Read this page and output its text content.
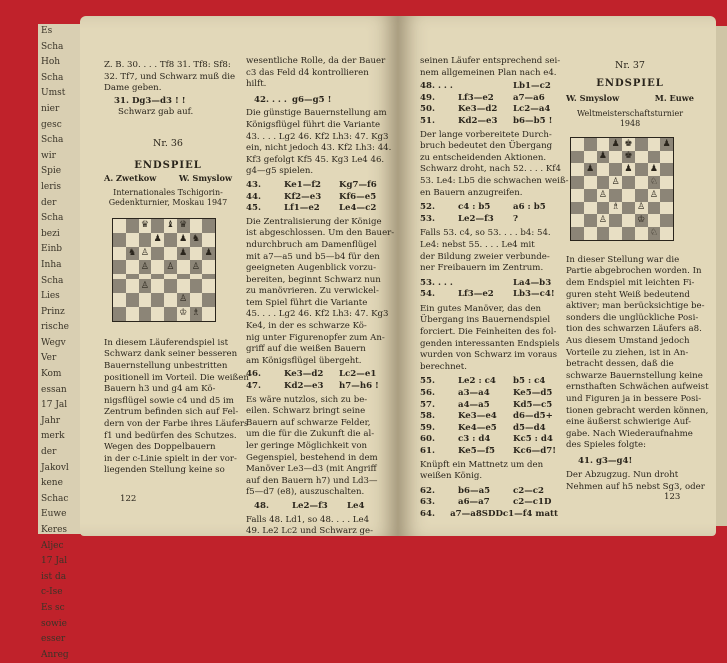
Es
Scha
Hoh
Scha
Umst
nier
gesc
Scha
wir
Spie
leris
der
Scha
bezi
Einb
Inha
Scha
Lies
Prinz
rische
Wegv
Ver
Kom
essan
17 Jal
Jahr
merk
der
Jakovl
kene
Schac
Euwe
Keres
Aljec
17 Jal
ist da
c-Ise
Es sc
sowie
esser
Anreg
Z. B. 30. . . . Tf8 31. Tf8: Sf8:
32. Tf7, und Schwarz muß die
Dame geben.
31. Dg3—d3 ! !
Schwarz gab auf.
Nr. 36
ENDSPIEL
A. Zwetkow	W. Smyslow
Internationales Tschigorin-
Gedenkturnier, Moskau 1947
♛ ♝ ♛
♟ ♟ ♞
♞ ♙	♟ ♟
♙ ♙ ♙
♙
♙
♔ ♗
In diesem Läuferendspiel ist
Schwarz dank seiner besseren
Bauernstellung unbestritten
positionell im Vorteil. Die weißen
Bauern h3 und g4 am Kö-
nigsflügel sowie c4 und d5 im
Zentrum befinden sich auf Fel-
dern von der Farbe ihres Läufers
f1 und bedürfen des Schutzes.
Wegen des Doppelbauern
in der c-Linie spielt in der vor-
liegenden Stellung keine so
wesentliche Rolle, da der Bauer
c3 das Feld d4 kontrollieren
hilft.
42. . . . g6—g5 !
Die günstige Bauernstellung am
Königsflügel führt die Variante
43. . . . Lg2 46. Kf2 Lh3: 47. Kg3
ein, nicht jedoch 43. Kf2 Lh3: 44.
Kf3 gefolgt Kf5 45. Kg3 Le4 46.
g4—g5 spielen.
43.	Ke1—f2	Kg7—f6
44.	Kf2—e3	Kf6—e5
45.	Lf1—e2	Le4—c2
Die Zentralisierung der Könige
ist abgeschlossen. Um den Bauer-
ndurchbruch am Damenflügel
mit a7—a5 und b5—b4 für den
geeigneten Augenblick vorzu-
bereiten, beginnt Schwarz nun
zu manövrieren. Zu verwickel-
tem Spiel führt die Variante
45. . . . Lg2 46. Kf2 Lh3: 47. Kg3
Ke4, in der es schwarze Kö-
nig unter Figurenopfer zum An-
griff auf die weißen Bauern
am Königsflügel übergeht.
46.	Ke3—d2	Lc2—e1
47.	Kd2—e3	h7—h6 !
Es wäre nutzlos, sich zu be-
eilen. Schwarz bringt seine
Bauern auf schwarze Felder,
um die für die Zukunft die al-
ler geringe Möglichkeit von
Gegenspiel, bestehend in dem
Manöver Le3—d3 (mit Angriff
auf den Bauern h7) und Ld3—
f5—d7 (e8), auszuschalten.
48.	Le2—f3	Le4
Falls 48. Ld1, so 48. . . . Le4
49. Le2 Lc2 und Schwarz ge-
122
seinen Läufer entsprechend sei-
nem allgemeinen Plan nach e4.
48. . . .	Lb1—c2
49.	Lf3—e2	a7—a6
50.	Ke3—d2	Lc2—a4
51.	Kd2—e3	b6—b5 !
Der lange vorbereitete Durch-
bruch bedeutet den Übergang
zu entscheidenden Aktionen.
Schwarz droht, nach 52. . . . Kf4
53. Le4: Lb5 die schwachen weiß-
en Bauern anzugreifen.
52.	c4 : b5	a6 : b5
53.	Le2—f3	?
Falls 53. c4, so 53. . . . b4: 54.
Le4: nebst 55. . . . Le4 mit
der Bildung zweier verbunde-
ner Freibauern im Zentrum.
53. . . .	La4—b3
54.	Lf3—e2	Lb3—c4!
Ein gutes Manöver, das den
Übergang ins Bauernendspiel
forciert. Die Feinheiten des fol-
genden interessanten Endspiels
wurden von Schwarz im voraus
berechnet.
55.	Le2 : c4	b5 : c4
56.	a3—a4	Ke5—d5
57.	a4—a5	Kd5—c5
58.	Ke3—e4	d6—d5+
59.	Ke4—e5	d5—d4
60.	c3 : d4	Kc5 : d4
61.	Ke5—f5	Kc6—d7!
Knüpft ein Mattnetz um den
weißen König.
62.	b6—a5	c2—c2
63.	a6—a7	c2—c1D
64.	a7—a8SD Dc1—f4 matt
Nr. 37
ENDSPIEL
W. Smyslow	M. Euwe
Weltmeisterschaftsturnier 1948
♟ ♚	♟
♟ ♚
♟	♟ ♟
♙	♘
♙	♙
♗ ♙
♙	♔
♘
In dieser Stellung war die
Partie abgebrochen worden. In
dem Endspiel mit leichten Fi-
guren steht Weiß bedeutend
aktiver; man berücksichtige be-
sonders die unglückliche Posi-
tion des schwarzen Läufers a8.
Aus diesem Umstand jedoch
Vorteile zu ziehen, ist in An-
betracht dessen, daß die
schwarze Bauernstellung keine
ernsthaften Schwächen aufweist
und Figuren ja in bessere Posi-
tionen gebracht werden können,
eine äußerst schwierige Auf-
gabe. Nach Wiederaufnahme
des Spieles folgte:
41. g3—g4!
Der Abzugzug. Nun droht
Nehmen auf h5 nebst Sg3, oder
123
